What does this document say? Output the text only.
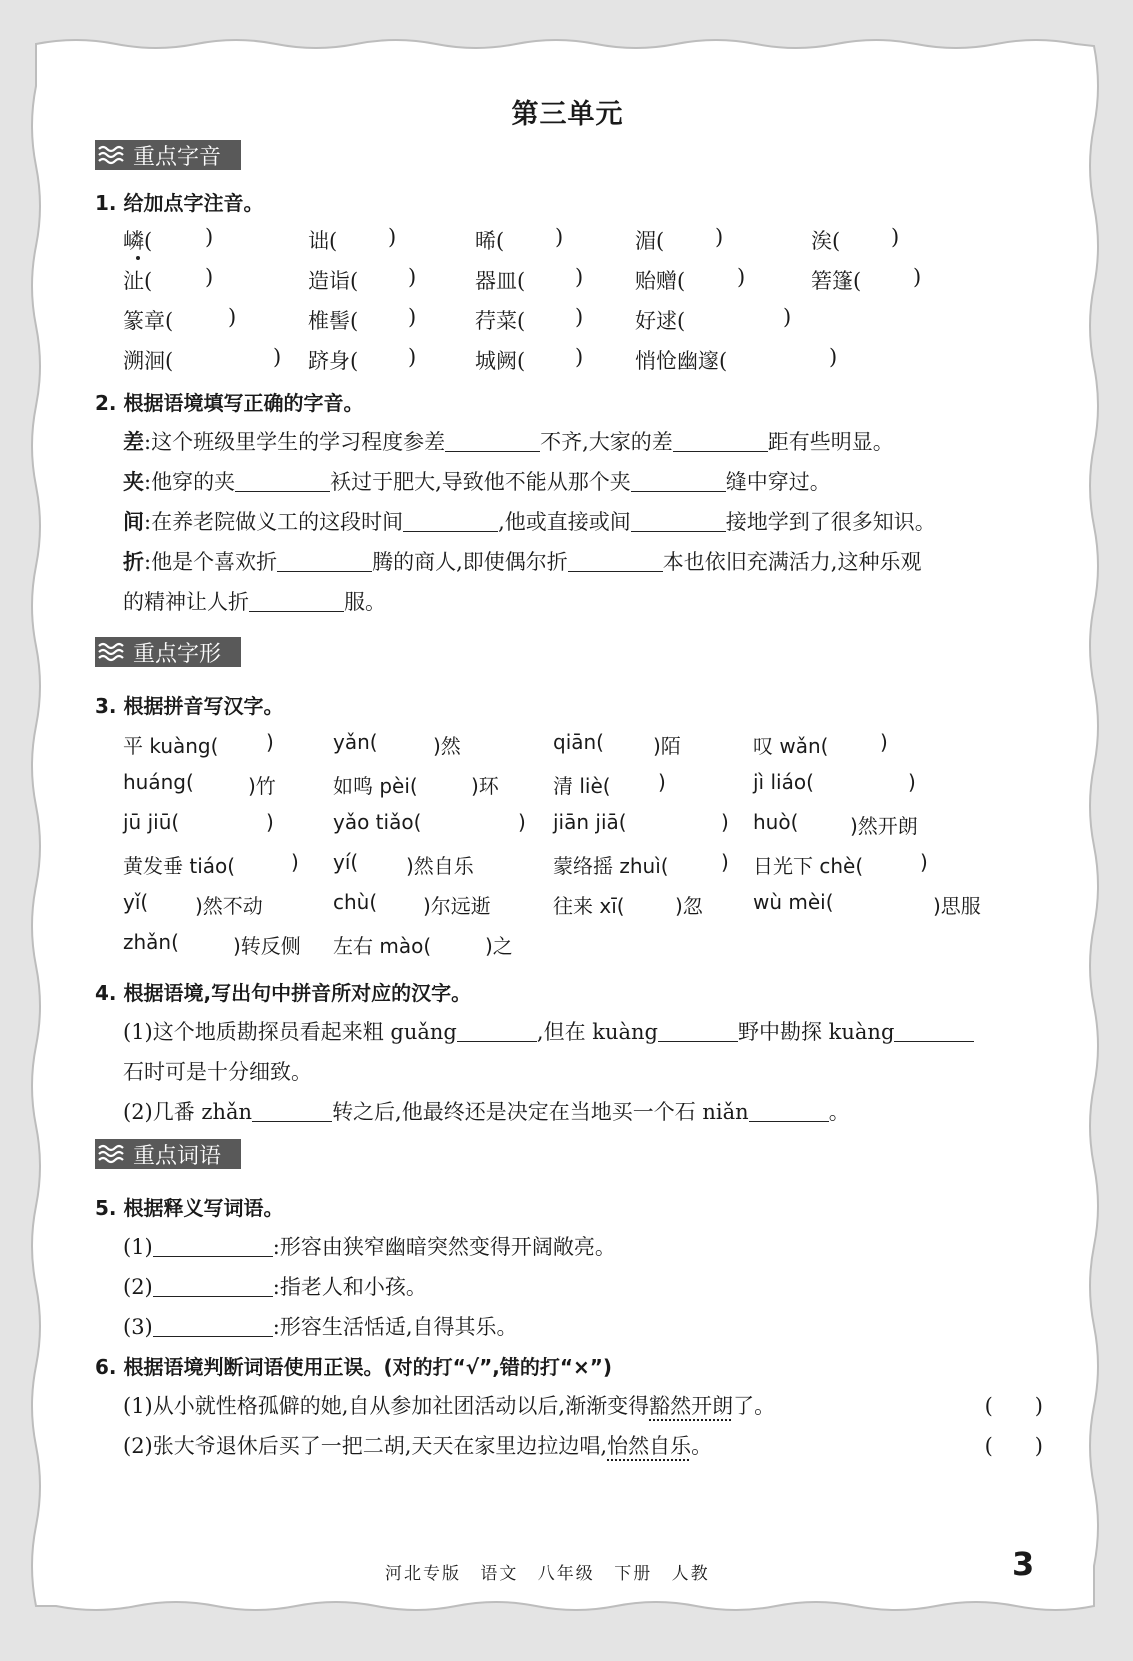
第三单元
重点字音
1. 给加点字注音。
嶙(	)	诎( )	晞( )	湄( )	涘( )
沚(	)	造诣( )	器皿( ) 贻赠( )	箬篷( )
篆章(	)	椎髻( )	荇菜( ) 好逑(	)
溯洄(	) 跻身( )	城阙( ) 悄怆幽邃(	)
2. 根据语境填写正确的字音。
差:这个班级里学生的学习程度参差	不齐,大家的差	距有些明显。
夹:他穿的夹	袄过于肥大,导致他不能从那个夹	缝中穿过。
间:在养老院做义工的这段时间	,他或直接或间	接地学到了很多知识。
折:他是个喜欢折	腾的商人,即使偶尔折	本也依旧充满活力,这种乐观
的精神让人折	服。
重点字形
3. 根据拼音写汉字。
平 kuàng( )	yǎn(	)然	qiān( )陌	叹 wǎn(	)
huáng(	)竹	如鸣 pèi(	)环	清 liè( )	jì liáo(	)
jū jiū(	)	yǎo tiǎo(	) jiān jiā(	) huò(	)然开朗
黄发垂 tiáo(	) yí( )然自乐	蒙络摇 zhuì(	) 日光下 chè(	)
yǐ( )然不动	chù( )尔远逝	往来 xī(	)忽	wù mèi(	)思服
zhǎn(	)转反侧 左右 mào(	)之
4. 根据语境,写出句中拼音所对应的汉字。
(1)这个地质勘探员看起来粗 guǎng	,但在 kuàng	野中勘探 kuàng
石时可是十分细致。
(2)几番 zhǎn	转之后,他最终还是决定在当地买一个石 niǎn	。
重点词语
5. 根据释义写词语。
(1)	:形容由狭窄幽暗突然变得开阔敞亮。
(2)	:指老人和小孩。
(3)	:形容生活恬适,自得其乐。
6. 根据语境判断词语使用正误。(对的打“√”,错的打“×”)
(1)从小就性格孤僻的她,自从参加社团活动以后,渐渐变得豁然开朗了。	(　　)
(2)张大爷退休后买了一把二胡,天天在家里边拉边唱,怡然自乐。	(　　)
河北专版 语文 八年级 下册 人教	3
